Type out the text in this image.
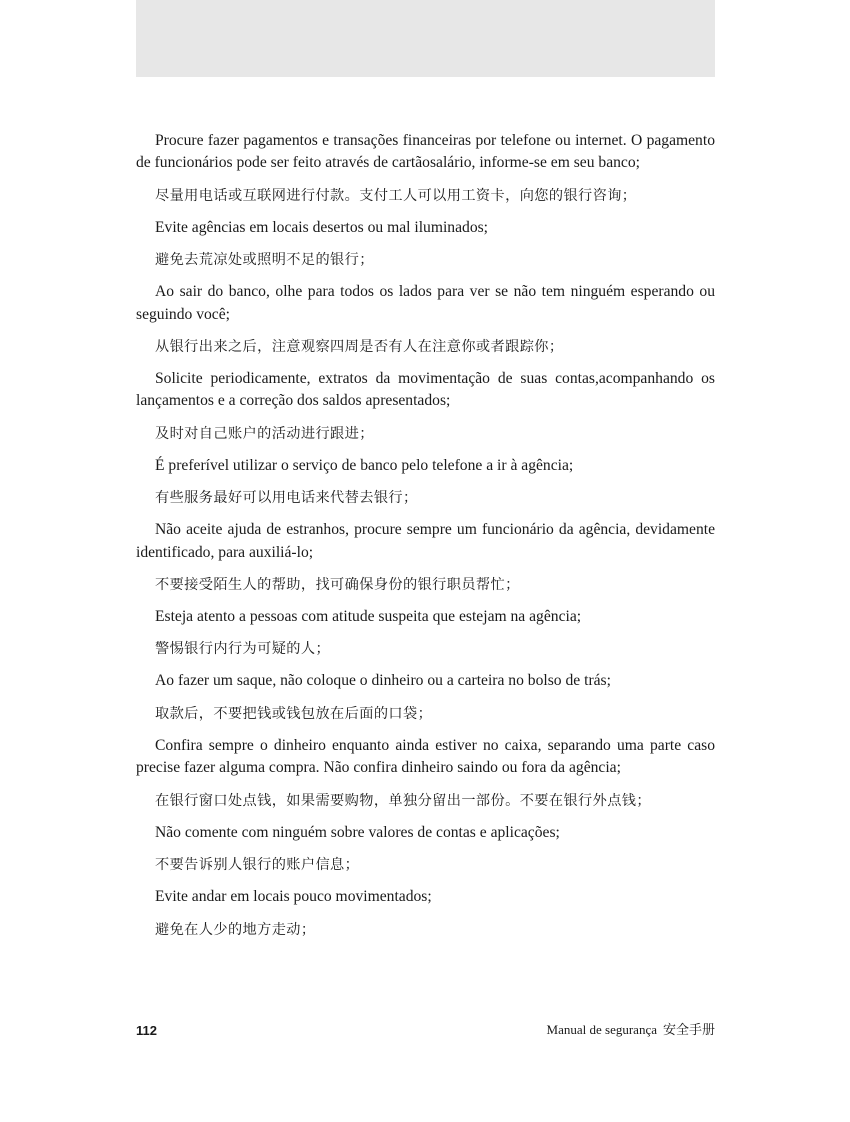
Procure fazer pagamentos e transações financeiras por telefone ou internet. O pagamento de funcionários pode ser feito através de cartãosalário, informe-se em seu banco;

尽量用电话或互联网进行付款。支付工人可以用工资卡，向您的银行咨询；

Evite agências em locais desertos ou mal iluminados;

避免去荒凉处或照明不足的银行；

Ao sair do banco, olhe para todos os lados para ver se não tem ninguém esperando ou seguindo você;

从银行出来之后，注意观察四周是否有人在注意你或者跟踪你；

Solicite periodicamente, extratos da movimentação de suas contas,acompanhando os lançamentos e a correção dos saldos apresentados;

及时对自己账户的活动进行跟进；

É preferível utilizar o serviço de banco pelo telefone a ir à agência;

有些服务最好可以用电话来代替去银行；

Não aceite ajuda de estranhos, procure sempre um funcionário da agência, devidamente identificado, para auxiliá-lo;

不要接受陌生人的帮助，找可确保身份的银行职员帮忙；

Esteja atento a pessoas com atitude suspeita que estejam na agência;

警惕银行内行为可疑的人；

Ao fazer um saque, não coloque o dinheiro ou a carteira no bolso de trás;

取款后，不要把钱或钱包放在后面的口袋；

Confira sempre o dinheiro enquanto ainda estiver no caixa, separando uma parte caso precise fazer alguma compra. Não confira dinheiro saindo ou fora da agência;

在银行窗口处点钱，如果需要购物，单独分留出一部份。不要在银行外点钱；

Não comente com ninguém sobre valores de contas e aplicações;

不要告诉别人银行的账户信息；

Evite andar em locais pouco movimentados;

避免在人少的地方走动；

112	Manual de segurança 安全手册
